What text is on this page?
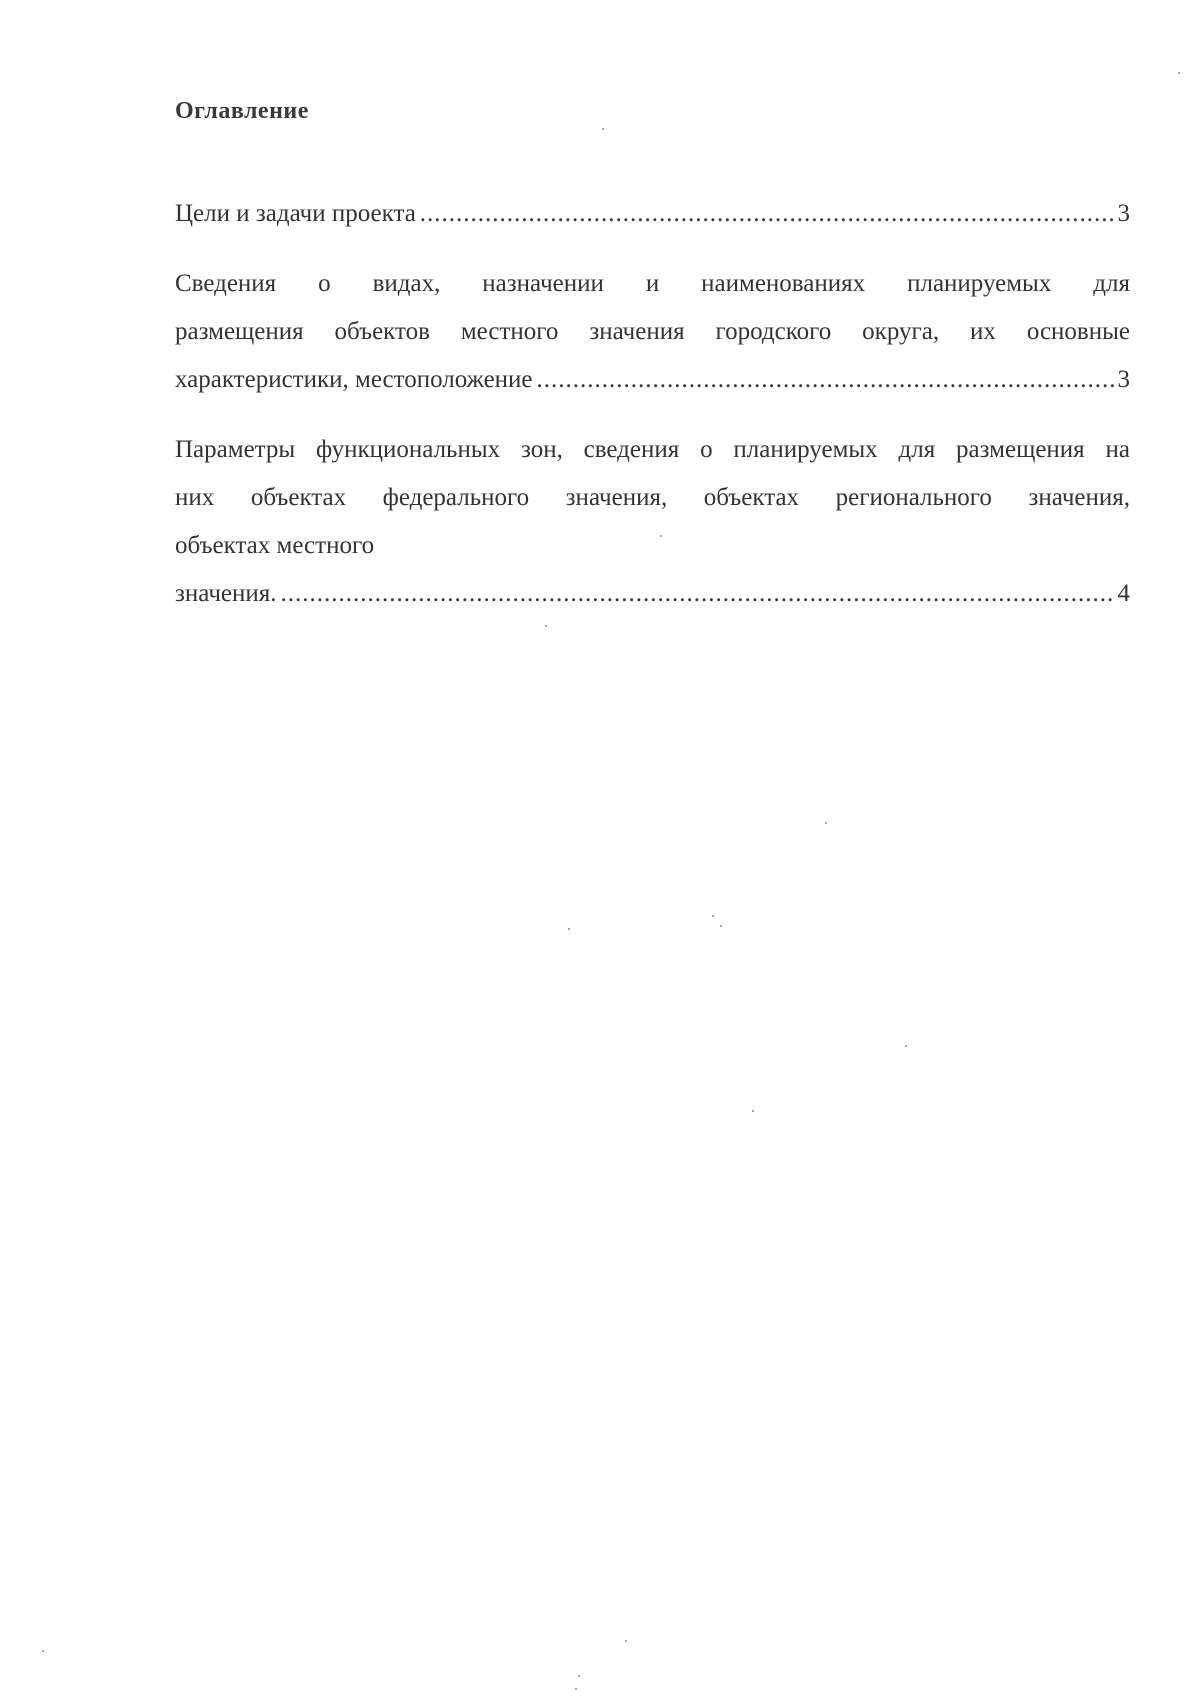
Оглавление
Цели и задачи проекта .....	3
Сведения о видах, назначении и наименованиях планируемых для
размещения объектов местного значения городского округа, их основные
характеристики, местоположение .....	3
Параметры функциональных зон, сведения о планируемых для размещения на
них объектах федерального значения, объектах регионального значения,
объектах местного
значения. .....	4
